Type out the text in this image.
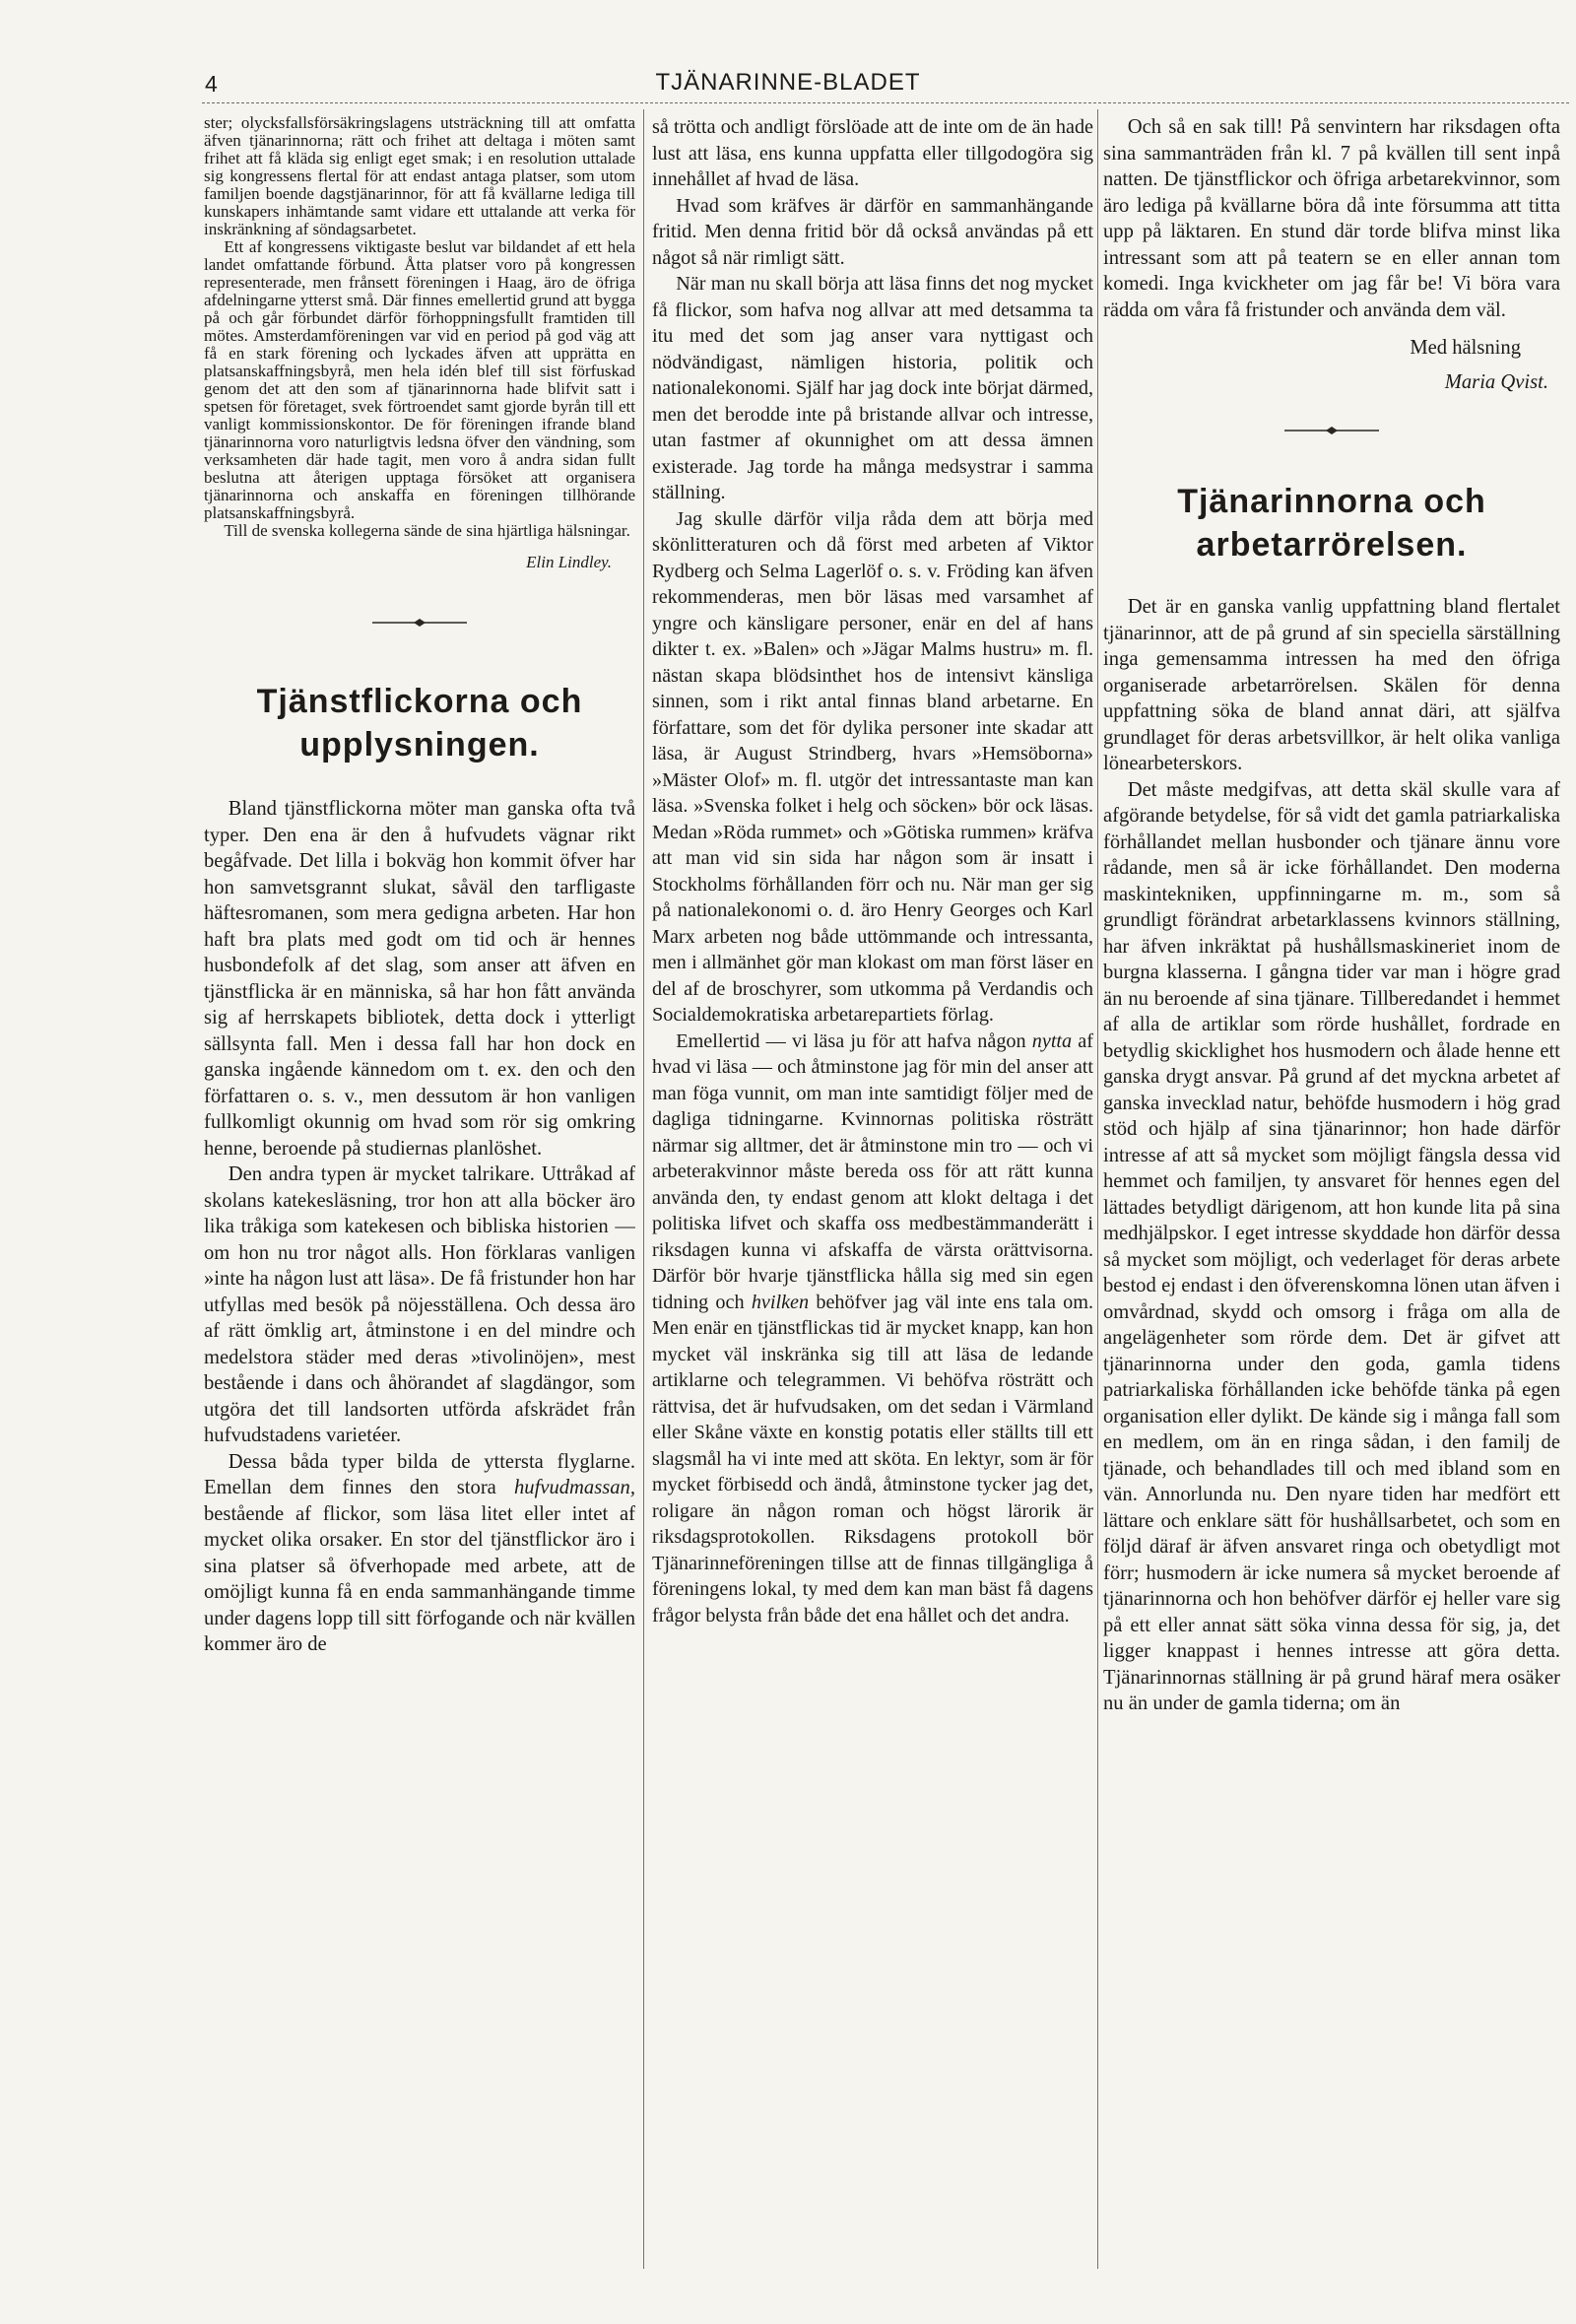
4	TJÄNARINNE-BLADET

ster; olycksfallsförsäkringslagens utsträckning till att omfatta äfven tjänarinnorna; rätt och frihet att deltaga i möten samt frihet att få kläda sig enligt eget smak; i en resolution uttalade sig kongressens flertal för att endast antaga platser, som utom familjen boende dagstjänarinnor, för att få kvällarne lediga till kunskapers inhämtande samt vidare ett uttalande att verka för inskränkning af söndagsarbetet.

Ett af kongressens viktigaste beslut var bildandet af ett hela landet omfattande förbund. Åtta platser voro på kongressen representerade, men frånsett föreningen i Haag, äro de öfriga afdelningarne ytterst små. Där finnes emellertid grund att bygga på och går förbundet därför förhoppningsfullt framtiden till mötes. Amsterdamföreningen var vid en period på god väg att få en stark förening och lyckades äfven att upprätta en platsanskaffningsbyrå, men hela idén blef till sist förfuskad genom det att den som af tjänarinnorna hade blifvit satt i spetsen för företaget, svek förtroendet samt gjorde byrån till ett vanligt kommissionskontor. De för föreningen ifrande bland tjänarinnorna voro naturligtvis ledsna öfver den vändning, som verksamheten där hade tagit, men voro å andra sidan fullt beslutna att återigen upptaga försöket att organisera tjänarinnorna och anskaffa en föreningen tillhörande platsanskaffningsbyrå.

Till de svenska kollegerna sände de sina hjärtliga hälsningar.

Elin Lindley.
Tjänstflickorna och upplysningen.

Bland tjänstflickorna möter man ganska ofta två typer. Den ena är den å hufvudets vägnar rikt begåfvade. Det lilla i bokväg hon kommit öfver har hon samvetsgrannt slukat, såväl den tarfligaste häftesromanen, som mera gedigna arbeten. Har hon haft bra plats med godt om tid och är hennes husbondefolk af det slag, som anser att äfven en tjänstflicka är en människa, så har hon fått använda sig af herrskapets bibliotek, detta dock i ytterligt sällsynta fall. Men i dessa fall har hon dock en ganska ingående kännedom om t. ex. den och den författaren o. s. v., men dessutom är hon vanligen fullkomligt okunnig om hvad som rör sig omkring henne, beroende på studiernas planlöshet.

Den andra typen är mycket talrikare. Uttråkad af skolans katekesläsning, tror hon att alla böcker äro lika tråkiga som katekesen och bibliska historien — om hon nu tror något alls. Hon förklaras vanligen »inte ha någon lust att läsa». De få fristunder hon har utfyllas med besök på nöjesställena. Och dessa äro af rätt ömklig art, åtminstone i en del mindre och medelstora städer med deras »tivolinöjen», mest bestående i dans och åhörandet af slagdängor, som utgöra det till landsorten utförda afskrädet från hufvudstadens varietéer.

Dessa båda typer bilda de yttersta flyglarne. Emellan dem finnes den stora hufvudmassan, bestående af flickor, som läsa litet eller intet af mycket olika orsaker. En stor del tjänstflickor äro i sina platser så öfverhopade med arbete, att de omöjligt kunna få en enda sammanhängande timme under dagens lopp till sitt förfogande och när kvällen kommer äro de

så trötta och andligt förslöade att de inte om de än hade lust att läsa, ens kunna uppfatta eller tillgodogöra sig innehållet af hvad de läsa.

Hvad som kräfves är därför en sammanhängande fritid. Men denna fritid bör då också användas på ett något så när rimligt sätt.

När man nu skall börja att läsa finns det nog mycket få flickor, som hafva nog allvar att med detsamma ta itu med det som jag anser vara nyttigast och nödvändigast, nämligen historia, politik och nationalekonomi. Själf har jag dock inte börjat därmed, men det berodde inte på bristande allvar och intresse, utan fastmer af okunnighet om att dessa ämnen existerade. Jag torde ha många medsystrar i samma ställning.

Jag skulle därför vilja råda dem att börja med skönlitteraturen och då först med arbeten af Viktor Rydberg och Selma Lagerlöf o. s. v. Fröding kan äfven rekommenderas, men bör läsas med varsamhet af yngre och känsligare personer, enär en del af hans dikter t. ex. »Balen» och »Jägar Malms hustru» m. fl. nästan skapa blödsinthet hos de intensivt känsliga sinnen, som i rikt antal finnas bland arbetarne. En författare, som det för dylika personer inte skadar att läsa, är August Strindberg, hvars »Hemsöborna» »Mäster Olof» m. fl. utgör det intressantaste man kan läsa. »Svenska folket i helg och söcken» bör ock läsas. Medan »Röda rummet» och »Götiska rummen» kräfva att man vid sin sida har någon som är insatt i Stockholms förhållanden förr och nu. När man ger sig på nationalekonomi o. d. äro Henry Georges och Karl Marx arbeten nog både uttömmande och intressanta, men i allmänhet gör man klokast om man först läser en del af de broschyrer, som utkomma på Verdandis och Socialdemokratiska arbetarepartiets förlag.

Emellertid — vi läsa ju för att hafva någon nytta af hvad vi läsa — och åtminstone jag för min del anser att man föga vunnit, om man inte samtidigt följer med de dagliga tidningarne. Kvinnornas politiska rösträtt närmar sig alltmer, det är åtminstone min tro — och vi arbeterakvinnor måste bereda oss för att rätt kunna använda den, ty endast genom att klokt deltaga i det politiska lifvet och skaffa oss medbestämmanderätt i riksdagen kunna vi afskaffa de värsta orättvisorna. Därför bör hvarje tjänstflicka hålla sig med sin egen tidning och hvilken behöfver jag väl inte ens tala om. Men enär en tjänstflickas tid är mycket knapp, kan hon mycket väl inskränka sig till att läsa de ledande artiklarne och telegrammen. Vi behöfva rösträtt och rättvisa, det är hufvudsaken, om det sedan i Värmland eller Skåne växte en konstig potatis eller ställts till ett slagsmål ha vi inte med att sköta. En lektyr, som är för mycket förbisedd och ändå, åtminstone tycker jag det, roligare än någon roman och högst lärorik är riksdagsprotokollen. Riksdagens protokoll bör Tjänarinneföreningen tillse att de finnas tillgängliga å föreningens lokal, ty med dem kan man bäst få dagens frågor belysta från både det ena hållet och det andra.

Och så en sak till! På senvintern har riksdagen ofta sina sammanträden från kl. 7 på kvällen till sent inpå natten. De tjänstflickor och öfriga arbetarekvinnor, som äro lediga på kvällarne böra då inte försumma att titta upp på läktaren. En stund där torde blifva minst lika intressant som att på teatern se en eller annan tom komedi. Inga kvickheter om jag får be! Vi böra vara rädda om våra få fristunder och använda dem väl.

Med hälsning
Maria Qvist.
Tjänarinnorna och arbetarrörelsen.

Det är en ganska vanlig uppfattning bland flertalet tjänarinnor, att de på grund af sin speciella särställning inga gemensamma intressen ha med den öfriga organiserade arbetarrörelsen. Skälen för denna uppfattning söka de bland annat däri, att själfva grundlaget för deras arbetsvillkor, är helt olika vanliga lönearbeterskors.

Det måste medgifvas, att detta skäl skulle vara af afgörande betydelse, för så vidt det gamla patriarkaliska förhållandet mellan husbonder och tjänare ännu vore rådande, men så är icke förhållandet. Den moderna maskintekniken, uppfinningarne m. m., som så grundligt förändrat arbetarklassens kvinnors ställning, har äfven inkräktat på hushållsmaskineriet inom de burgna klasserna. I gångna tider var man i högre grad än nu beroende af sina tjänare. Tillberedandet i hemmet af alla de artiklar som rörde hushållet, fordrade en betydlig skicklighet hos husmodern och ålade henne ett ganska drygt ansvar. På grund af det myckna arbetet af ganska invecklad natur, behöfde husmodern i hög grad stöd och hjälp af sina tjänarinnor; hon hade därför intresse af att så mycket som möjligt fängsla dessa vid hemmet och familjen, ty ansvaret för hennes egen del lättades betydligt därigenom, att hon kunde lita på sina medhjälpskor. I eget intresse skyddade hon därför dessa så mycket som möjligt, och vederlaget för deras arbete bestod ej endast i den öfverenskomna lönen utan äfven i omvårdnad, skydd och omsorg i fråga om alla de angelägenheter som rörde dem. Det är gifvet att tjänarinnorna under den goda, gamla tidens patriarkaliska förhållanden icke behöfde tänka på egen organisation eller dylikt. De kände sig i många fall som en medlem, om än en ringa sådan, i den familj de tjänade, och behandlades till och med ibland som en vän. Annorlunda nu. Den nyare tiden har medfört ett lättare och enklare sätt för hushållsarbetet, och som en följd däraf är äfven ansvaret ringa och obetydligt mot förr; husmodern är icke numera så mycket beroende af tjänarinnorna och hon behöfver därför ej heller vare sig på ett eller annat sätt söka vinna dessa för sig, ja, det ligger knappast i hennes intresse att göra detta. Tjänarinnornas ställning är på grund häraf mera osäker nu än under de gamla tiderna; om än
